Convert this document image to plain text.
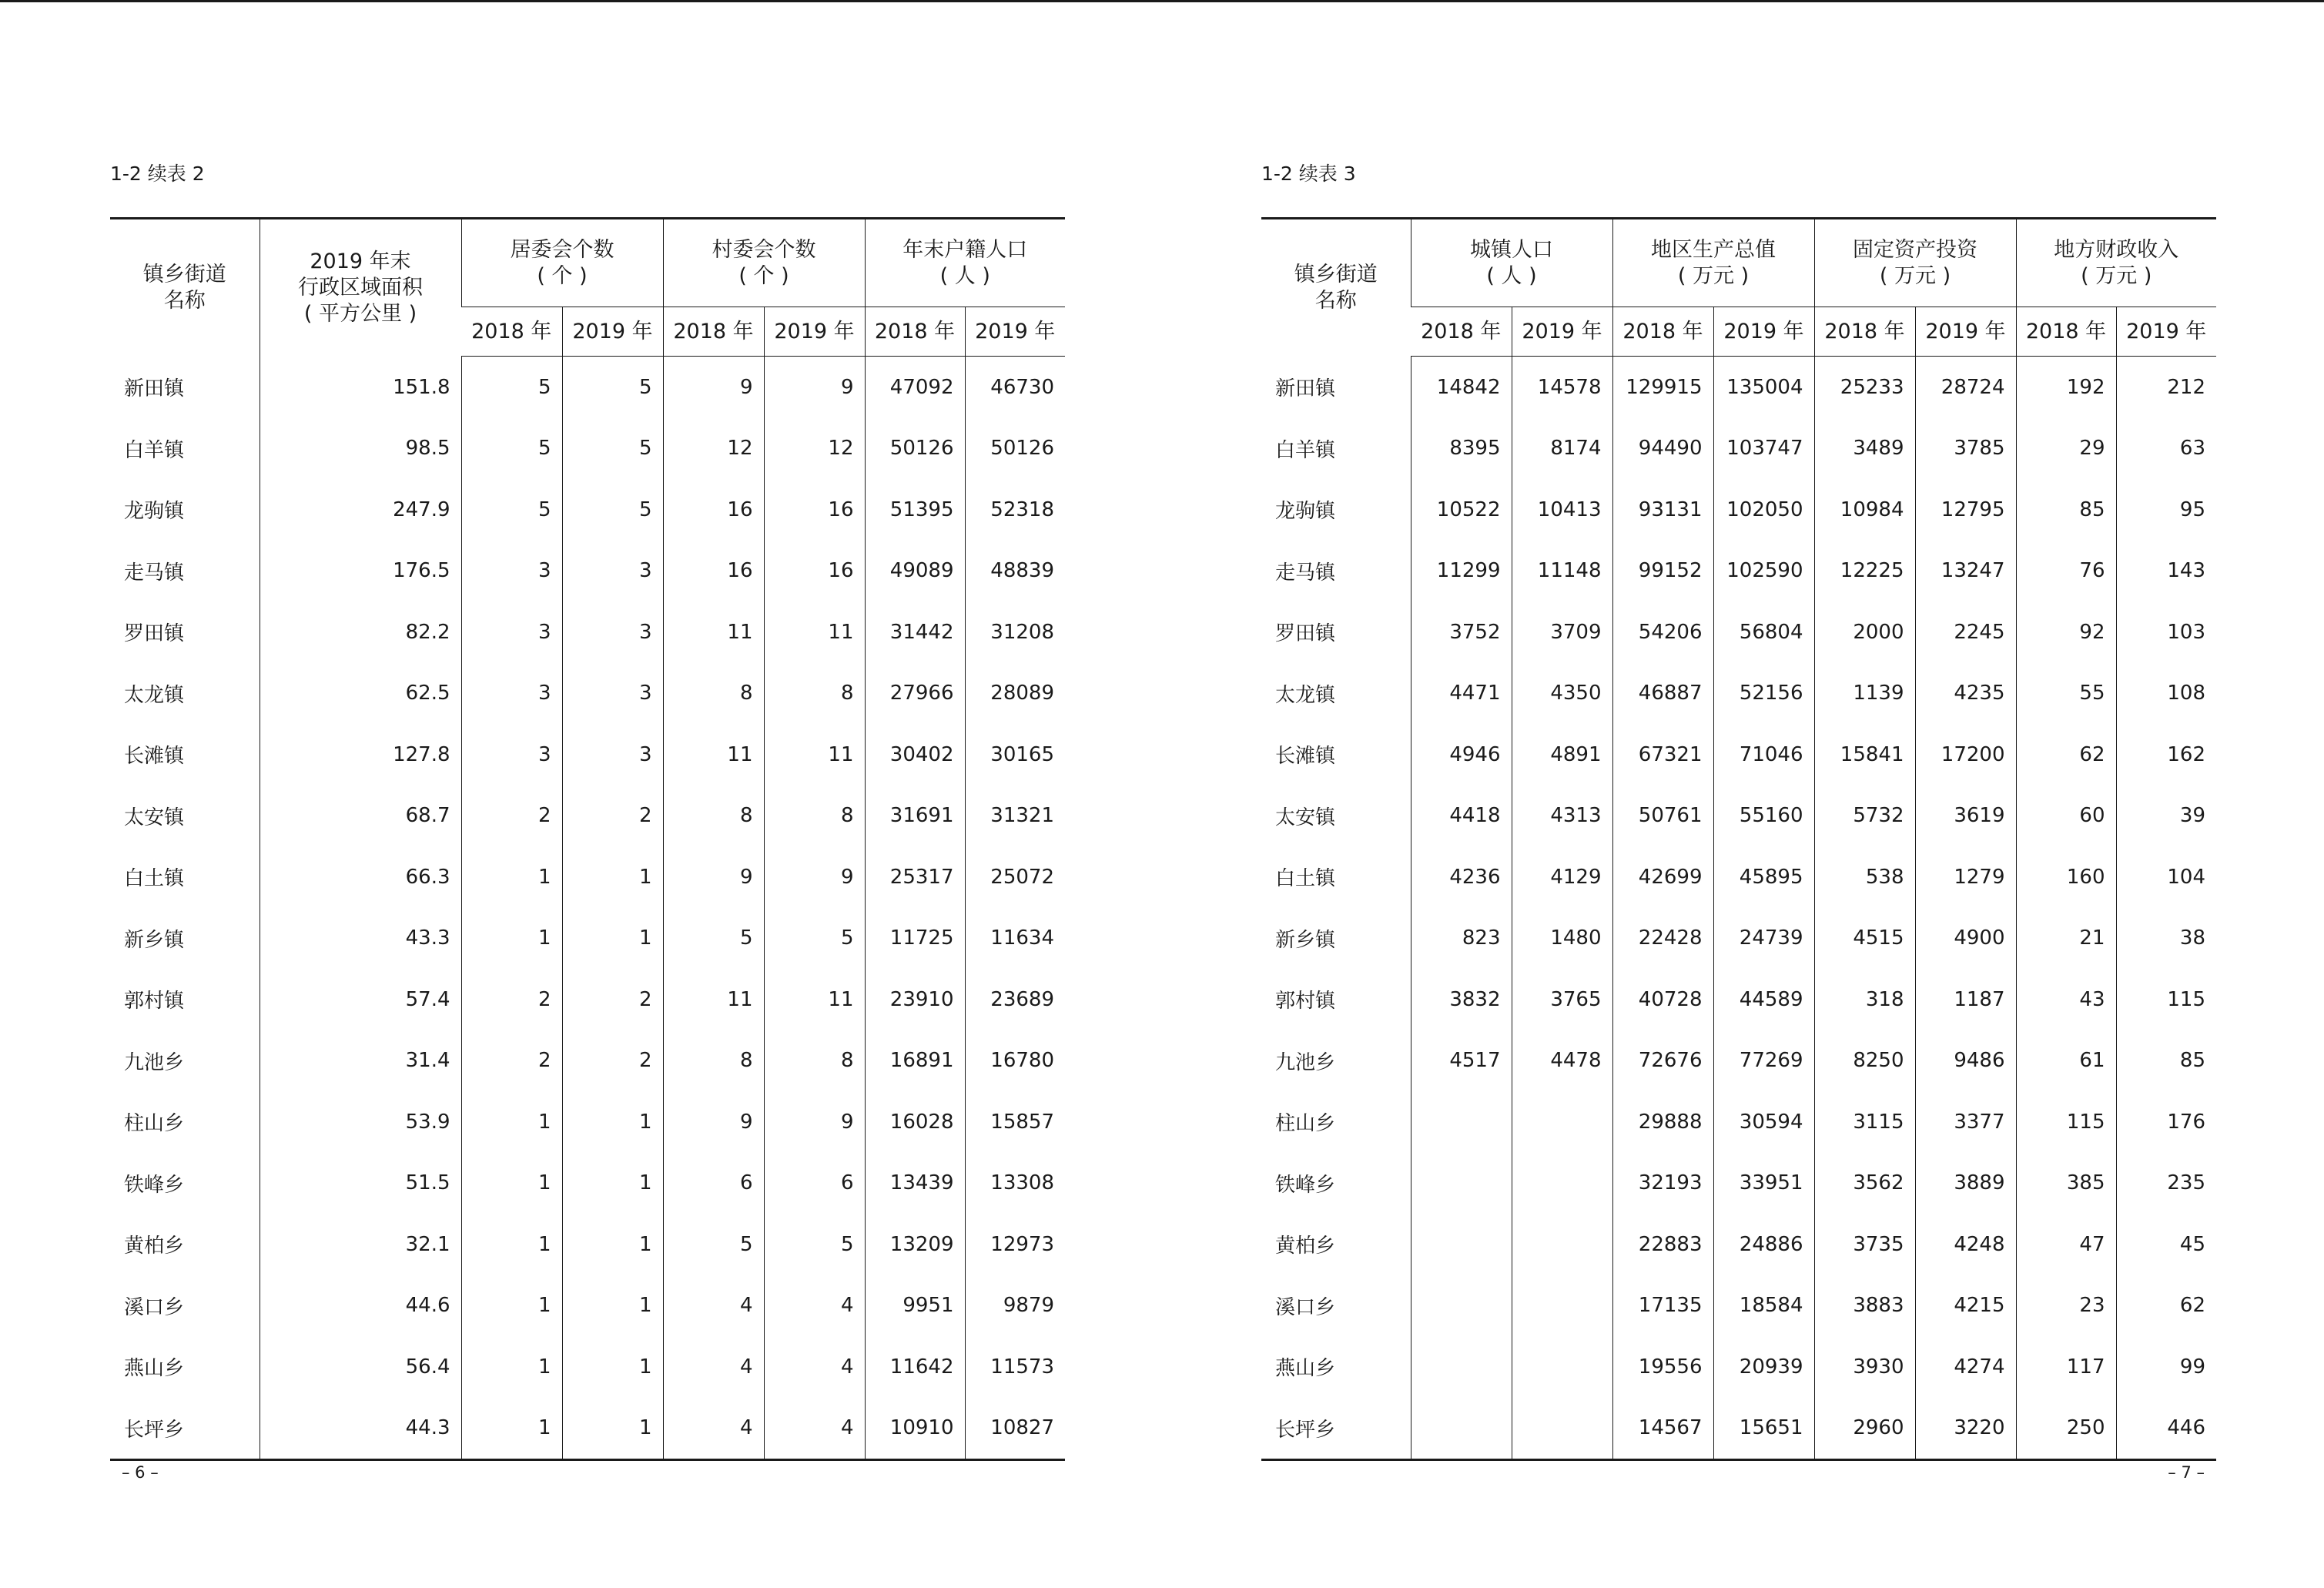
1-2 续表 2
镇乡街道
名称	2019 年末
行政区域面积
( 平方公里 )	居委会个数
( 个 )		村委会个数
( 个 )		年末户籍人口
( 人 )	

		2018 年	2019 年	2018 年	2019 年	2018 年	2019 年
新田镇	151.8	5	5	9	9	47092	46730
白羊镇	98.5	5	5	12	12	50126	50126
龙驹镇	247.9	5	5	16	16	51395	52318
走马镇	176.5	3	3	16	16	49089	48839
罗田镇	82.2	3	3	11	11	31442	31208
太龙镇	62.5	3	3	8	8	27966	28089
长滩镇	127.8	3	3	11	11	30402	30165
太安镇	68.7	2	2	8	8	31691	31321
白土镇	66.3	1	1	9	9	25317	25072
新乡镇	43.3	1	1	5	5	11725	11634
郭村镇	57.4	2	2	11	11	23910	23689
九池乡	31.4	2	2	8	8	16891	16780
柱山乡	53.9	1	1	9	9	16028	15857
铁峰乡	51.5	1	1	6	6	13439	13308
黄柏乡	32.1	1	1	5	5	13209	12973
溪口乡	44.6	1	1	4	4	9951	9879
燕山乡	56.4	1	1	4	4	11642	11573
长坪乡	44.3	1	1	4	4	10910	10827
– 6 –
1-2 续表 3
镇乡街道
名称	城镇人口
( 人 )		地区生产总值
( 万元 )		固定资产投资
( 万元 )		地方财政收入
( 万元 )	

	2018 年	2019 年	2018 年	2019 年	2018 年	2019 年	2018 年	2019 年
新田镇	14842	14578	129915	135004	25233	28724	192	212
白羊镇	8395	8174	94490	103747	3489	3785	29	63
龙驹镇	10522	10413	93131	102050	10984	12795	85	95
走马镇	11299	11148	99152	102590	12225	13247	76	143
罗田镇	3752	3709	54206	56804	2000	2245	92	103
太龙镇	4471	4350	46887	52156	1139	4235	55	108
长滩镇	4946	4891	67321	71046	15841	17200	62	162
太安镇	4418	4313	50761	55160	5732	3619	60	39
白土镇	4236	4129	42699	45895	538	1279	160	104
新乡镇	823	1480	22428	24739	4515	4900	21	38
郭村镇	3832	3765	40728	44589	318	1187	43	115
九池乡	4517	4478	72676	77269	8250	9486	61	85
柱山乡			29888	30594	3115	3377	115	176
铁峰乡			32193	33951	3562	3889	385	235
黄柏乡			22883	24886	3735	4248	47	45
溪口乡			17135	18584	3883	4215	23	62
燕山乡			19556	20939	3930	4274	117	99
长坪乡			14567	15651	2960	3220	250	446
– 7 –
